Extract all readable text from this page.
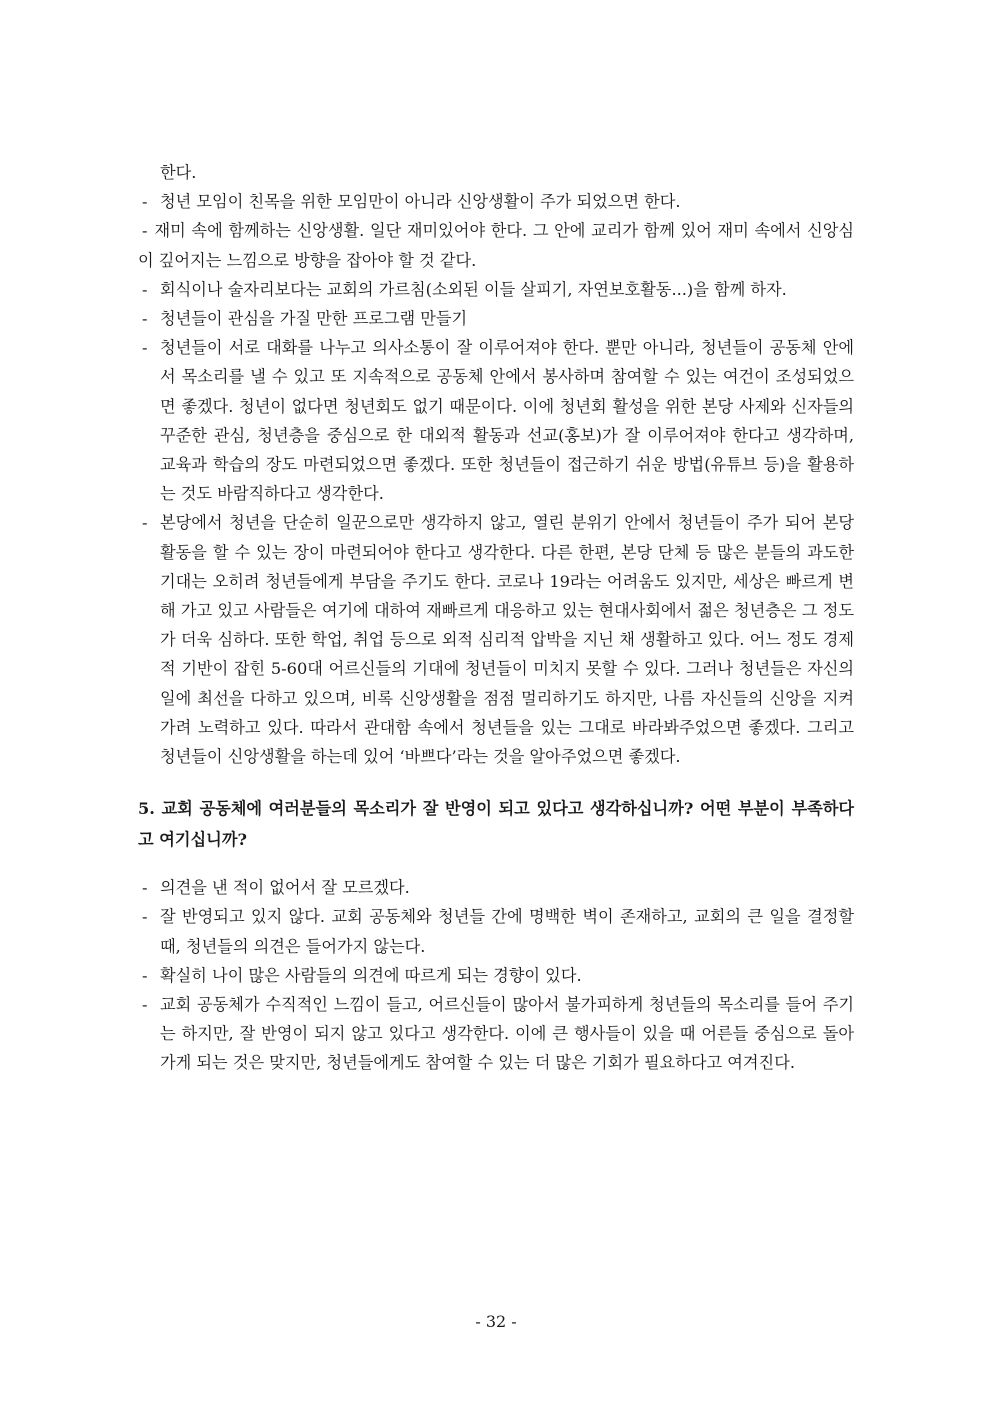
한다.

- 청년 모임이 친목을 위한 모임만이 아니라 신앙생활이 주가 되었으면 한다.

- 재미 속에 함께하는 신앙생활. 일단 재미있어야 한다. 그 안에 교리가 함께 있어 재미 속에서 신앙심이 깊어지는 느낌으로 방향을 잡아야 할 것 같다.

- 회식이나 술자리보다는 교회의 가르침(소외된 이들 살피기, 자연보호활동...)을 함께 하자.

- 청년들이 관심을 가질 만한 프로그램 만들기

- 청년들이 서로 대화를 나누고 의사소통이 잘 이루어져야 한다. 뿐만 아니라, 청년들이 공동체 안에서 목소리를 낼 수 있고 또 지속적으로 공동체 안에서 봉사하며 참여할 수 있는 여건이 조성되었으면 좋겠다. 청년이 없다면 청년회도 없기 때문이다. 이에 청년회 활성을 위한 본당 사제와 신자들의 꾸준한 관심, 청년층을 중심으로 한 대외적 활동과 선교(홍보)가 잘 이루어져야 한다고 생각하며, 교육과 학습의 장도 마련되었으면 좋겠다. 또한 청년들이 접근하기 쉬운 방법(유튜브 등)을 활용하는 것도 바람직하다고 생각한다.

- 본당에서 청년을 단순히 일꾼으로만 생각하지 않고, 열린 분위기 안에서 청년들이 주가 되어 본당 활동을 할 수 있는 장이 마련되어야 한다고 생각한다. 다른 한편, 본당 단체 등 많은 분들의 과도한 기대는 오히려 청년들에게 부담을 주기도 한다. 코로나 19라는 어려움도 있지만, 세상은 빠르게 변해 가고 있고 사람들은 여기에 대하여 재빠르게 대응하고 있는 현대사회에서 젊은 청년층은 그 정도가 더욱 심하다. 또한 학업, 취업 등으로 외적 심리적 압박을 지닌 채 생활하고 있다. 어느 정도 경제적 기반이 잡힌 5-60대 어르신들의 기대에 청년들이 미치지 못할 수 있다. 그러나 청년들은 자신의 일에 최선을 다하고 있으며, 비록 신앙생활을 점점 멀리하기도 하지만, 나름 자신들의 신앙을 지켜가려 노력하고 있다. 따라서 관대함 속에서 청년들을 있는 그대로 바라봐주었으면 좋겠다. 그리고 청년들이 신앙생활을 하는데 있어 ‘바쁘다’라는 것을 알아주었으면 좋겠다.

5. 교회 공동체에 여러분들의 목소리가 잘 반영이 되고 있다고 생각하십니까? 어떤 부분이 부족하다고 여기십니까?

- 의견을 낸 적이 없어서 잘 모르겠다.

- 잘 반영되고 있지 않다. 교회 공동체와 청년들 간에 명백한 벽이 존재하고, 교회의 큰 일을 결정할 때, 청년들의 의견은 들어가지 않는다.

- 확실히 나이 많은 사람들의 의견에 따르게 되는 경향이 있다.

- 교회 공동체가 수직적인 느낌이 들고, 어르신들이 많아서 불가피하게 청년들의 목소리를 들어 주기는 하지만, 잘 반영이 되지 않고 있다고 생각한다. 이에 큰 행사들이 있을 때 어른들 중심으로 돌아가게 되는 것은 맞지만, 청년들에게도 참여할 수 있는 더 많은 기회가 필요하다고 여겨진다.

- 32 -
